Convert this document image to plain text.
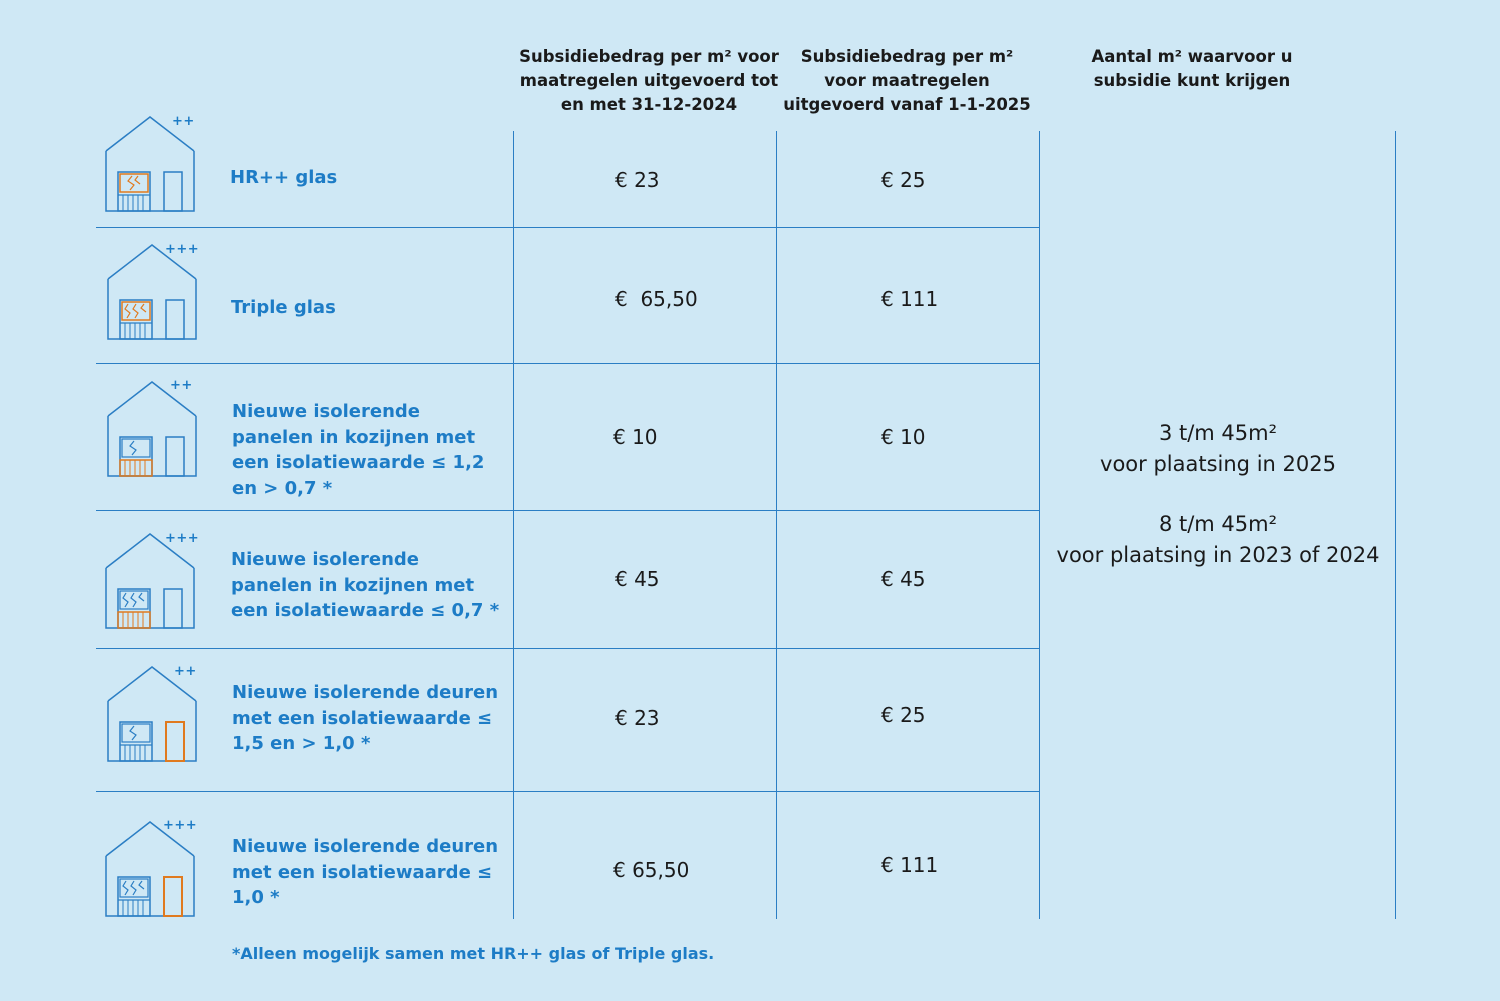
Subsidiebedrag per m² voor maatregelen uitgevoerd tot en met 31-12-2024
Subsidiebedrag per m² voor maatregelen uitgevoerd vanaf 1-1-2025
Aantal m² waarvoor u subsidie kunt krijgen
++
HR++ glas	€ 23	€ 25
+++
Triple glas	€  65,50	€ 111
++
Nieuwe isolerende panelen in kozijnen met een isolatiewaarde ≤ 1,2 en > 0,7 *
€ 10	€ 10
+++
Nieuwe isolerende panelen in kozijnen met een isolatiewaarde ≤ 0,7 *
€ 45	€ 45
++
Nieuwe isolerende deuren met een isolatiewaarde ≤ 1,5 en > 1,0 *
€ 23	€ 25
+++
Nieuwe isolerende deuren met een isolatiewaarde ≤ 1,0 *
€ 65,50	€ 111
3 t/m 45m²
voor plaatsing in 2025
8 t/m 45m²
voor plaatsing in 2023 of 2024
*Alleen mogelijk samen met HR++ glas of Triple glas.
